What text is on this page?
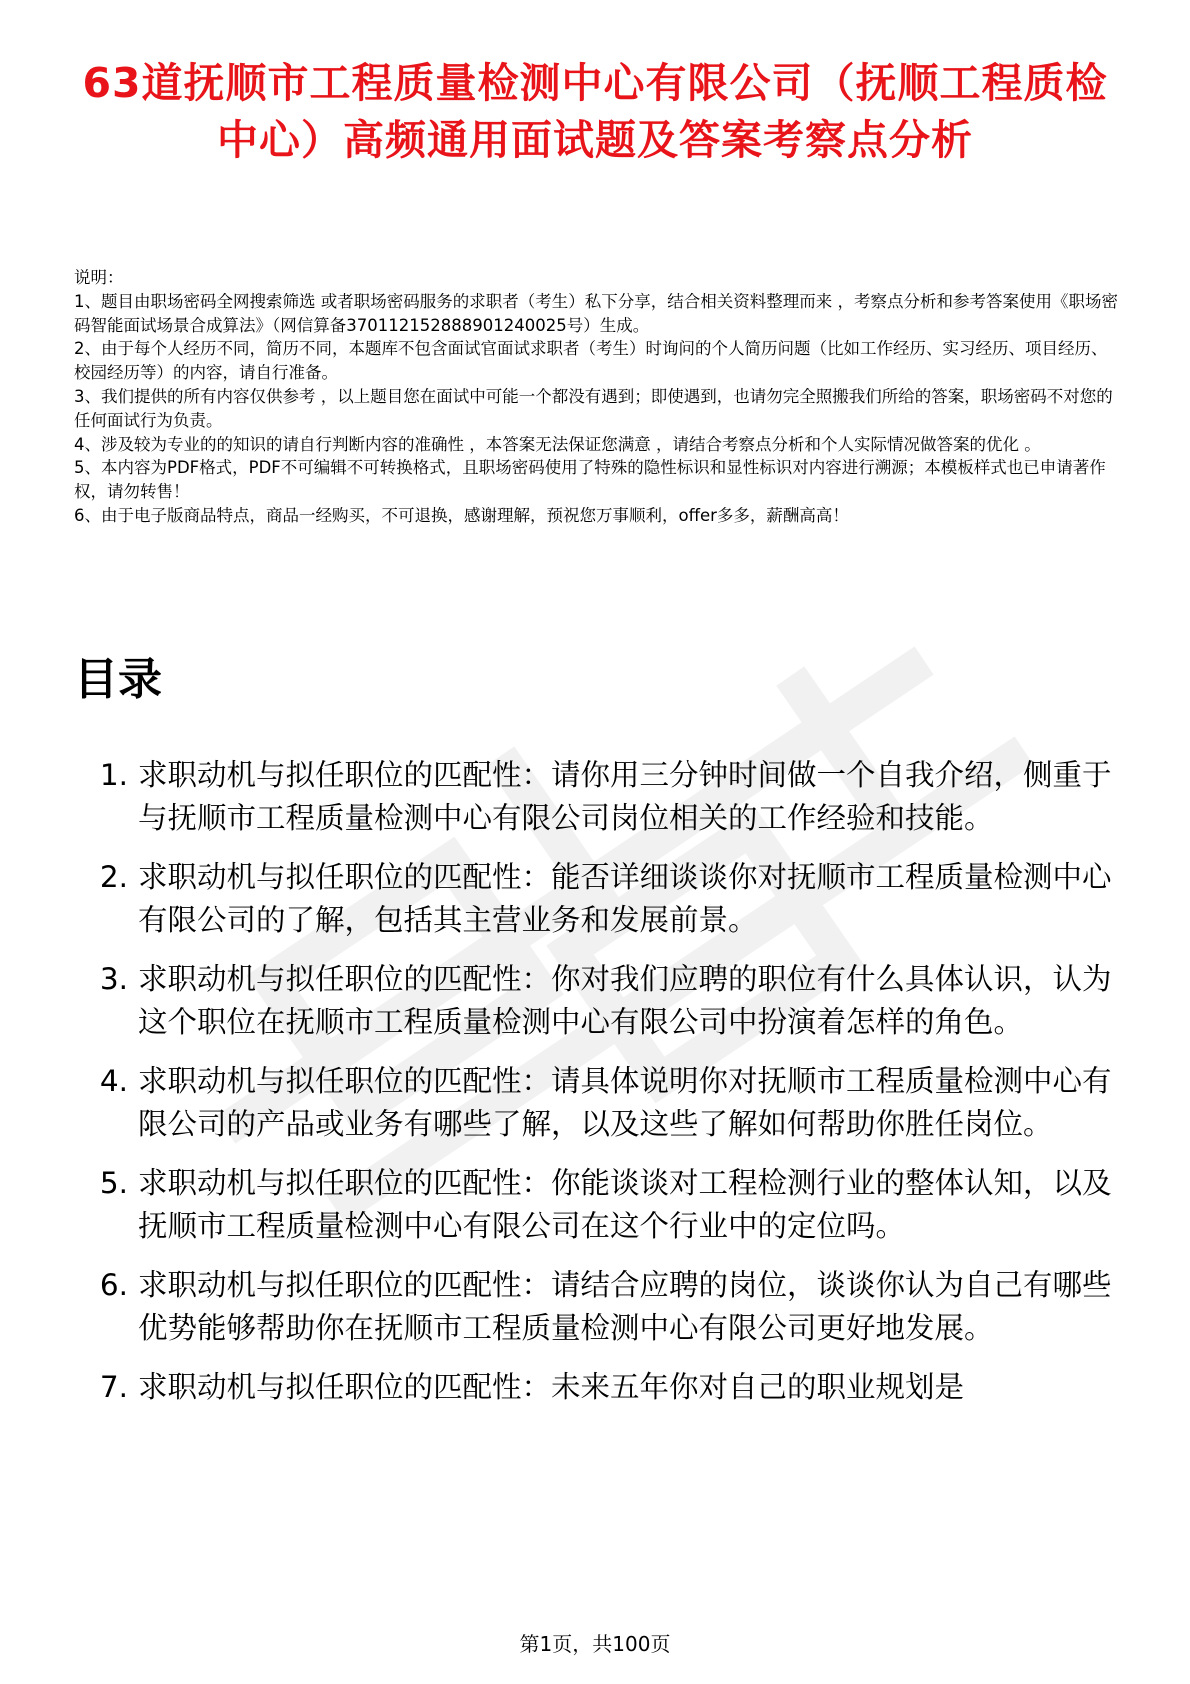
63道抚顺市工程质量检测中心有限公司（抚顺工程质检中心）高频通用面试题及答案考察点分析

说明：

1、题目由职场密码全网搜索筛选 或者职场密码服务的求职者（考生）私下分享，结合相关资料整理而来 ，考察点分析和参考答案使用《职场密码智能面试场景合成算法》（网信算备370112152888901240025号）生成。

2、由于每个人经历不同，简历不同，本题库不包含面试官面试求职者（考生）时询问的个人简历问题（比如工作经历、实习经历、项目经历、校园经历等）的内容，请自行准备。

3、我们提供的所有内容仅供参考 ，以上题目您在面试中可能一个都没有遇到；即使遇到，也请勿完全照搬我们所给的答案，职场密码不对您的任何面试行为负责。

4、涉及较为专业的的知识的请自行判断内容的准确性 ，本答案无法保证您满意 ，请结合考察点分析和个人实际情况做答案的优化 。

5、本内容为PDF格式，PDF不可编辑不可转换格式，且职场密码使用了特殊的隐性标识和显性标识对内容进行溯源；本模板样式也已申请著作权，请勿转售！

6、由于电子版商品特点，商品一经购买，不可退换，感谢理解，预祝您万事顺利，offer多多，薪酬高高！

目录
1. 求职动机与拟任职位的匹配性：请你用三分钟时间做一个自我介绍，侧重于与抚顺市工程质量检测中心有限公司岗位相关的工作经验和技能。
2. 求职动机与拟任职位的匹配性：能否详细谈谈你对抚顺市工程质量检测中心有限公司的了解，包括其主营业务和发展前景。
3. 求职动机与拟任职位的匹配性：你对我们应聘的职位有什么具体认识，认为这个职位在抚顺市工程质量检测中心有限公司中扮演着怎样的角色。
4. 求职动机与拟任职位的匹配性：请具体说明你对抚顺市工程质量检测中心有限公司的产品或业务有哪些了解，以及这些了解如何帮助你胜任岗位。
5. 求职动机与拟任职位的匹配性：你能谈谈对工程检测行业的整体认知，以及抚顺市工程质量检测中心有限公司在这个行业中的定位吗。
6. 求职动机与拟任职位的匹配性：请结合应聘的岗位，谈谈你认为自己有哪些优势能够帮助你在抚顺市工程质量检测中心有限公司更好地发展。
7. 求职动机与拟任职位的匹配性：未来五年你对自己的职业规划是
第1页，共100页
